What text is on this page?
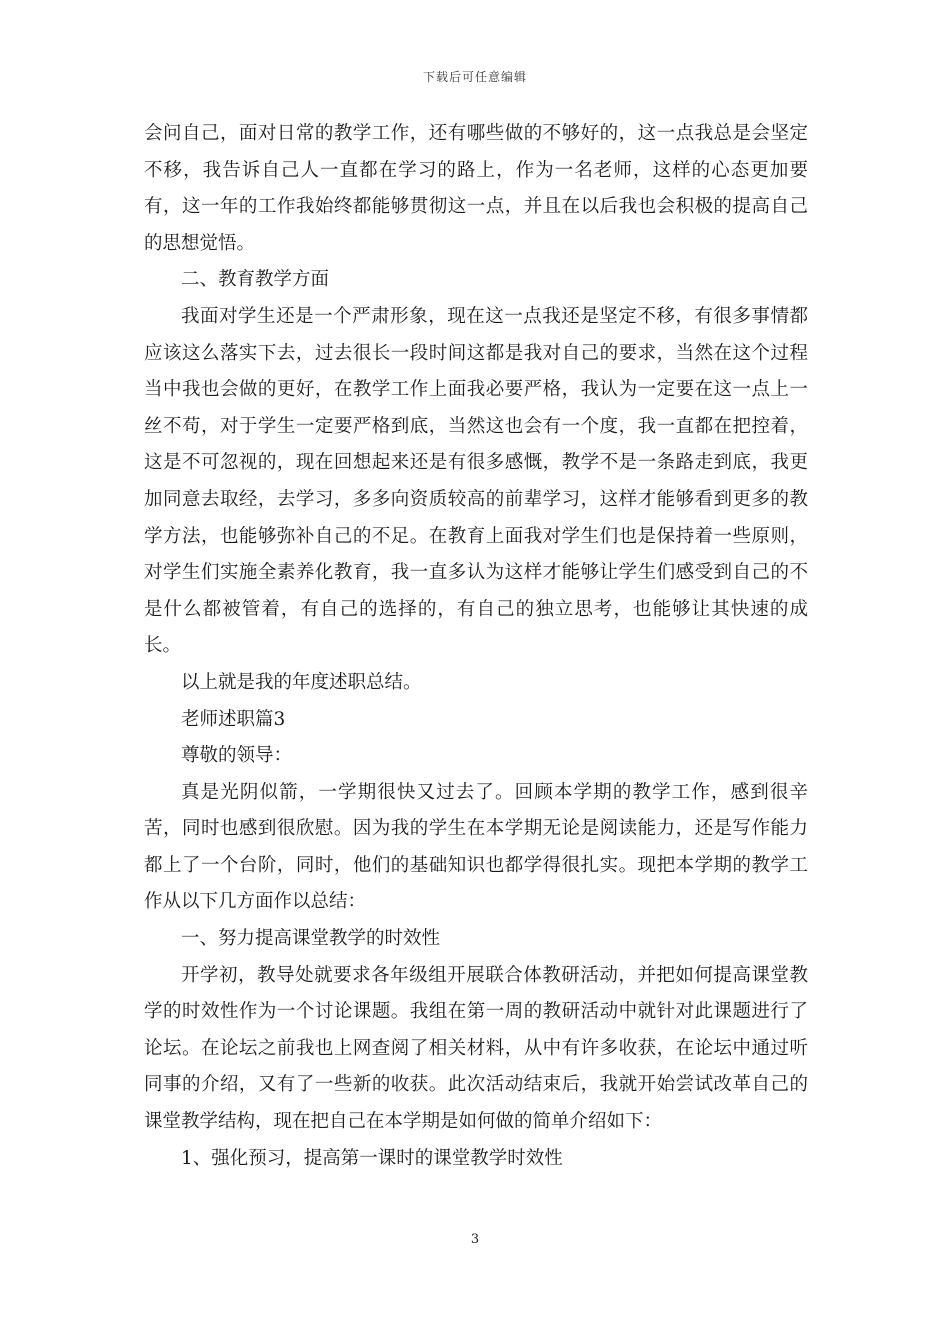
下载后可任意编辑

会问自己，面对日常的教学工作，还有哪些做的不够好的，这一点我总是会坚定不移，我告诉自己人一直都在学习的路上，作为一名老师，这样的心态更加要有，这一年的工作我始终都能够贯彻这一点，并且在以后我也会积极的提高自己的思想觉悟。

二、教育教学方面

我面对学生还是一个严肃形象，现在这一点我还是坚定不移，有很多事情都应该这么落实下去，过去很长一段时间这都是我对自己的要求，当然在这个过程当中我也会做的更好，在教学工作上面我必要严格，我认为一定要在这一点上一丝不苟，对于学生一定要严格到底，当然这也会有一个度，我一直都在把控着，这是不可忽视的，现在回想起来还是有很多感慨，教学不是一条路走到底，我更加同意去取经，去学习，多多向资质较高的前辈学习，这样才能够看到更多的教学方法，也能够弥补自己的不足。在教育上面我对学生们也是保持着一些原则，对学生们实施全素养化教育，我一直多认为这样才能够让学生们感受到自己的不是什么都被管着，有自己的选择的，有自己的独立思考，也能够让其快速的成长。

以上就是我的年度述职总结。

老师述职篇3

尊敬的领导：

真是光阴似箭，一学期很快又过去了。回顾本学期的教学工作，感到很辛苦，同时也感到很欣慰。因为我的学生在本学期无论是阅读能力，还是写作能力都上了一个台阶，同时，他们的基础知识也都学得很扎实。现把本学期的教学工作从以下几方面作以总结：

一、努力提高课堂教学的时效性

开学初，教导处就要求各年级组开展联合体教研活动，并把如何提高课堂教学的时效性作为一个讨论课题。我组在第一周的教研活动中就针对此课题进行了论坛。在论坛之前我也上网查阅了相关材料，从中有许多收获，在论坛中通过听同事的介绍，又有了一些新的收获。此次活动结束后，我就开始尝试改革自己的课堂教学结构，现在把自己在本学期是如何做的简单介绍如下：

1、强化预习，提高第一课时的课堂教学时效性

3
